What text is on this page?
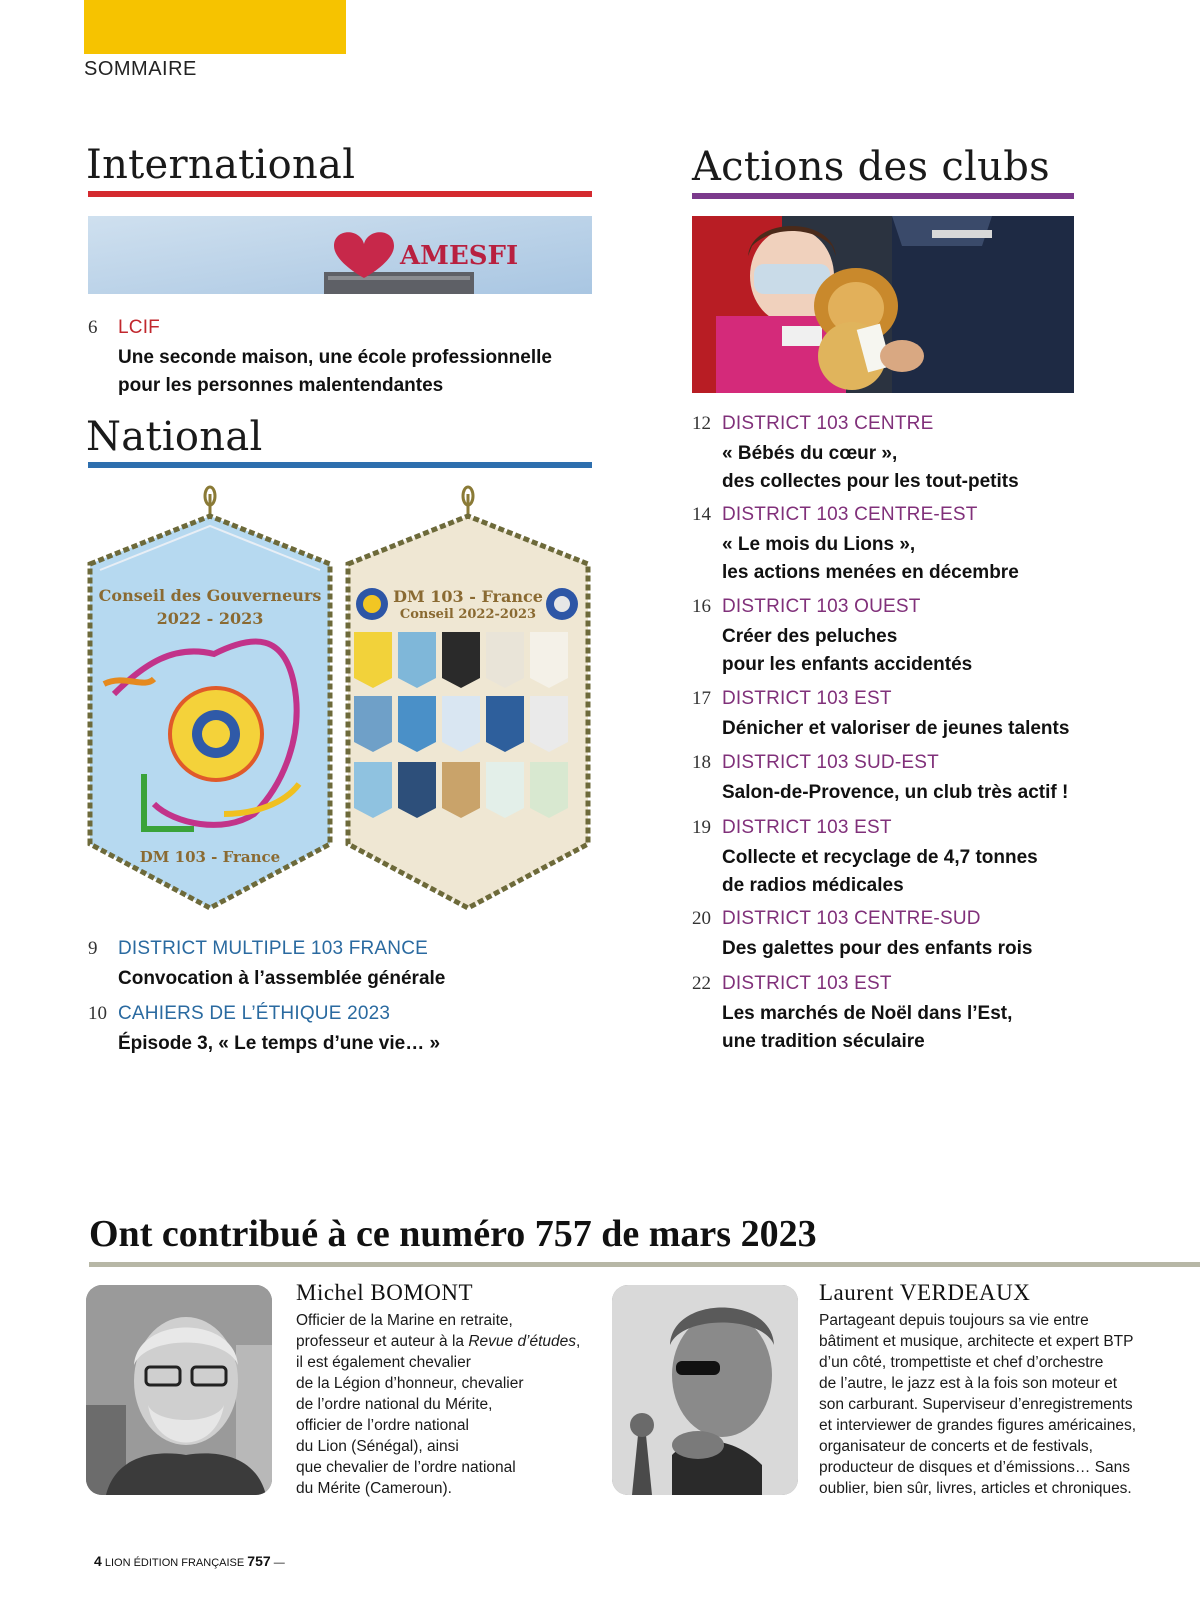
SOMMAIRE
International
AMESFI
6	LCIF
Une seconde maison, une école professionnelle
pour les personnes malentendantes
National
Conseil des Gouverneurs
2022 - 2023
DM 103 - France
DM 103 - France
Conseil 2022-2023
9	DISTRICT MULTIPLE 103 FRANCE
Convocation à l’assemblée générale
10 CAHIERS DE L’ÉTHIQUE 2023
Épisode 3, « Le temps d’une vie… »
Actions des clubs
12 DISTRICT 103 CENTRE
« Bébés du cœur »,
des collectes pour les tout-petits
14 DISTRICT 103 CENTRE-EST
« Le mois du Lions »,
les actions menées en décembre
16 DISTRICT 103 OUEST
Créer des peluches
pour les enfants accidentés
17 DISTRICT 103 EST
Dénicher et valoriser de jeunes talents
18 DISTRICT 103 SUD-EST
Salon-de-Provence, un club très actif !
19 DISTRICT 103 EST
Collecte et recyclage de 4,7 tonnes
de radios médicales
20 DISTRICT 103 CENTRE-SUD
Des galettes pour des enfants rois
22 DISTRICT 103 EST
Les marchés de Noël dans l’Est,
une tradition séculaire
Ont contribué à ce numéro 757 de mars 2023
Michel BOMONT

Officier de la Marine en retraite,
professeur et auteur à la Revue d’études,
il est également chevalier
de la Légion d’honneur, chevalier
de l’ordre national du Mérite,
officier de l’ordre national
du Lion (Sénégal), ainsi
que chevalier de l’ordre national
du Mérite (Cameroun).

Laurent VERDEAUX

Partageant depuis toujours sa vie entre
bâtiment et musique, architecte et expert BTP
d’un côté, trompettiste et chef d’orchestre
de l’autre, le jazz est à la fois son moteur et
son carburant. Superviseur d’enregistrements
et interviewer de grandes figures américaines,
organisateur de concerts et de festivals,
producteur de disques et d’émissions… Sans
oublier, bien sûr, livres, articles et chroniques.

4 LION ÉDITION FRANÇAISE 757 —
